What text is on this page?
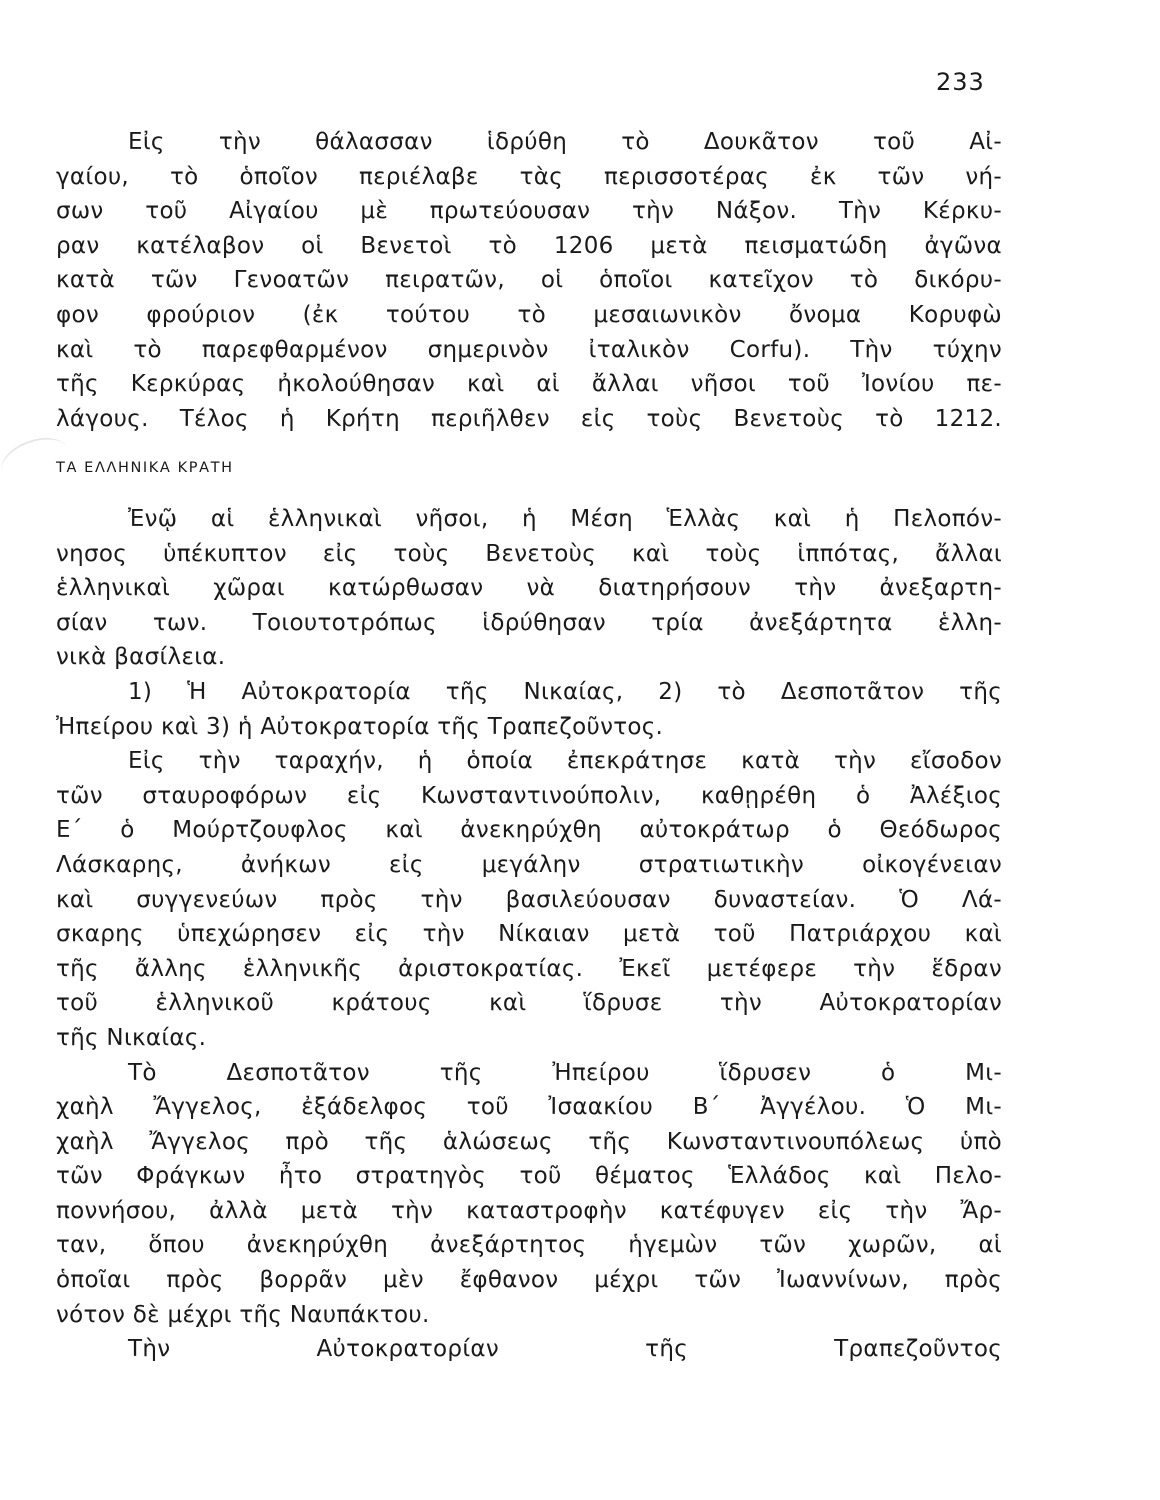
233
Εἰς τὴν θάλασσαν ἱδρύθη τὸ Δουκᾶτον τοῦ Αἰ-
γαίου, τὸ ὁποῖον περιέλαβε τὰς περισσοτέρας ἐκ τῶν νή-
σων τοῦ Αἰγαίου μὲ πρωτεύουσαν τὴν Νάξον. Τὴν Κέρκυ-
ραν κατέλαβον οἱ Βενετοὶ τὸ 1206 μετὰ πεισματώδη ἀγῶνα
κατὰ τῶν Γενοατῶν πειρατῶν, οἱ ὁποῖοι κατεῖχον τὸ δικόρυ-
φον φρούριον (ἐκ τούτου τὸ μεσαιωνικὸν ὄνομα Κορυφὼ
καὶ τὸ παρεφθαρμένον σημερινὸν ἰταλικὸν Corfu). Τὴν τύχην
τῆς Κερκύρας ἠκολούθησαν καὶ αἱ ἄλλαι νῆσοι τοῦ Ἰονίου πε-
λάγους. Τέλος ἡ Κρήτη περιῆλθεν εἰς τοὺς Βενετοὺς τὸ 1212.
ΤΑ ΕΛΛΗΝΙΚΑ ΚΡΑΤΗ
Ἐνῷ αἱ ἑλληνικαὶ νῆσοι, ἡ Μέση Ἑλλὰς καὶ ἡ Πελοπόν-
νησος ὑπέκυπτον εἰς τοὺς Βενετοὺς καὶ τοὺς ἱππότας, ἄλλαι
ἑλληνικαὶ χῶραι κατώρθωσαν νὰ διατηρήσουν τὴν ἀνεξαρτη-
σίαν των. Τοιουτοτρόπως ἱδρύθησαν τρία ἀνεξάρτητα ἑλλη-
νικὰ βασίλεια.
1) Ἡ Αὐτοκρατορία τῆς Νικαίας, 2) τὸ Δεσποτᾶτον τῆς
Ἠπείρου καὶ 3) ἡ Αὐτοκρατορία τῆς Τραπεζοῦντος.
Εἰς τὴν ταραχήν, ἡ ὁποία ἐπεκράτησε κατὰ τὴν εἴσοδον
τῶν σταυροφόρων εἰς Κωνσταντινούπολιν, καθῃρέθη ὁ Ἀλέξιος
Ε΄ ὁ Μούρτζουφλος καὶ ἀνεκηρύχθη αὐτοκράτωρ ὁ Θεόδωρος
Λάσκαρης, ἀνήκων εἰς μεγάλην στρατιωτικὴν οἰκογένειαν
καὶ συγγενεύων πρὸς τὴν βασιλεύουσαν δυναστείαν. Ὁ Λά-
σκαρης ὑπεχώρησεν εἰς τὴν Νίκαιαν μετὰ τοῦ Πατριάρχου καὶ
τῆς ἄλλης ἑλληνικῆς ἀριστοκρατίας. Ἐκεῖ μετέφερε τὴν ἕδραν
τοῦ ἑλληνικοῦ κράτους καὶ ἵδρυσε τὴν Αὐτοκρατορίαν
τῆς Νικαίας.
Τὸ Δεσποτᾶτον τῆς Ἠπείρου ἵδρυσεν ὁ Μι-
χαὴλ Ἄγγελος, ἐξάδελφος τοῦ Ἰσαακίου Β΄ Ἀγγέλου. Ὁ Μι-
χαὴλ Ἄγγελος πρὸ τῆς ἁλώσεως τῆς Κωνσταντινουπόλεως ὑπὸ
τῶν Φράγκων ἦτο στρατηγὸς τοῦ θέματος Ἑλλάδος καὶ Πελο-
ποννήσου, ἀλλὰ μετὰ τὴν καταστροφὴν κατέφυγεν εἰς τὴν Ἄρ-
ταν, ὅπου ἀνεκηρύχθη ἀνεξάρτητος ἡγεμὼν τῶν χωρῶν, αἱ
ὁποῖαι πρὸς βορρᾶν μὲν ἔφθανον μέχρι τῶν Ἰωαννίνων, πρὸς
νότον δὲ μέχρι τῆς Ναυπάκτου.
Τὴν Αὐτοκρατορίαν τῆς Τραπεζοῦντος
